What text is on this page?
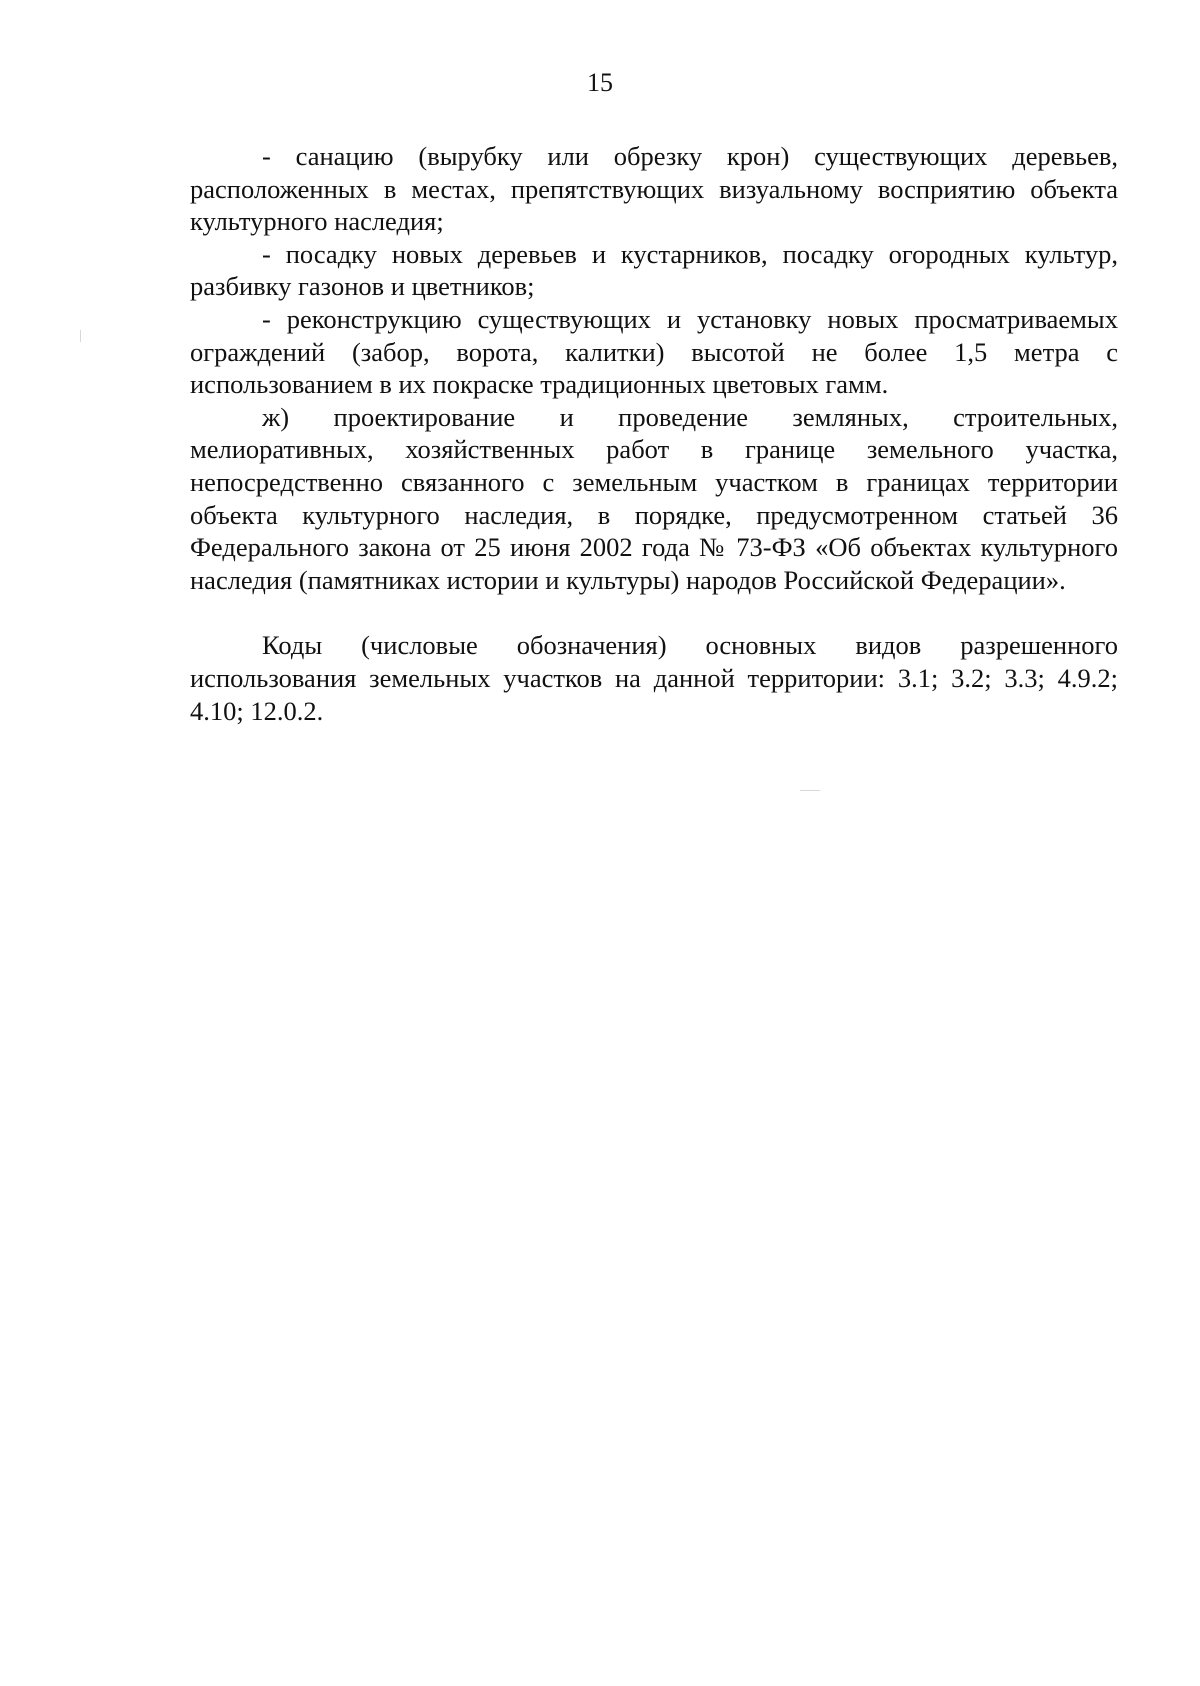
15

- санацию (вырубку или обрезку крон) существующих деревьев, расположенных в местах, препятствующих визуальному восприятию объекта культурного наследия;

- посадку новых деревьев и кустарников, посадку огородных культур, разбивку газонов и цветников;

- реконструкцию существующих и установку новых просматриваемых ограждений (забор, ворота, калитки) высотой не более 1,5 метра с использованием в их покраске традиционных цветовых гамм.

ж) проектирование и проведение земляных, строительных, мелиоративных, хозяйственных работ в границе земельного участка, непосредственно связанного с земельным участком в границах территории объекта культурного наследия, в порядке, предусмотренном статьей 36 Федерального закона от 25 июня 2002 года № 73-ФЗ «Об объектах культурного наследия (памятниках истории и культуры) народов Российской Федерации».

Коды (числовые обозначения) основных видов разрешенного использования земельных участков на данной территории: 3.1; 3.2; 3.3; 4.9.2; 4.10; 12.0.2.
